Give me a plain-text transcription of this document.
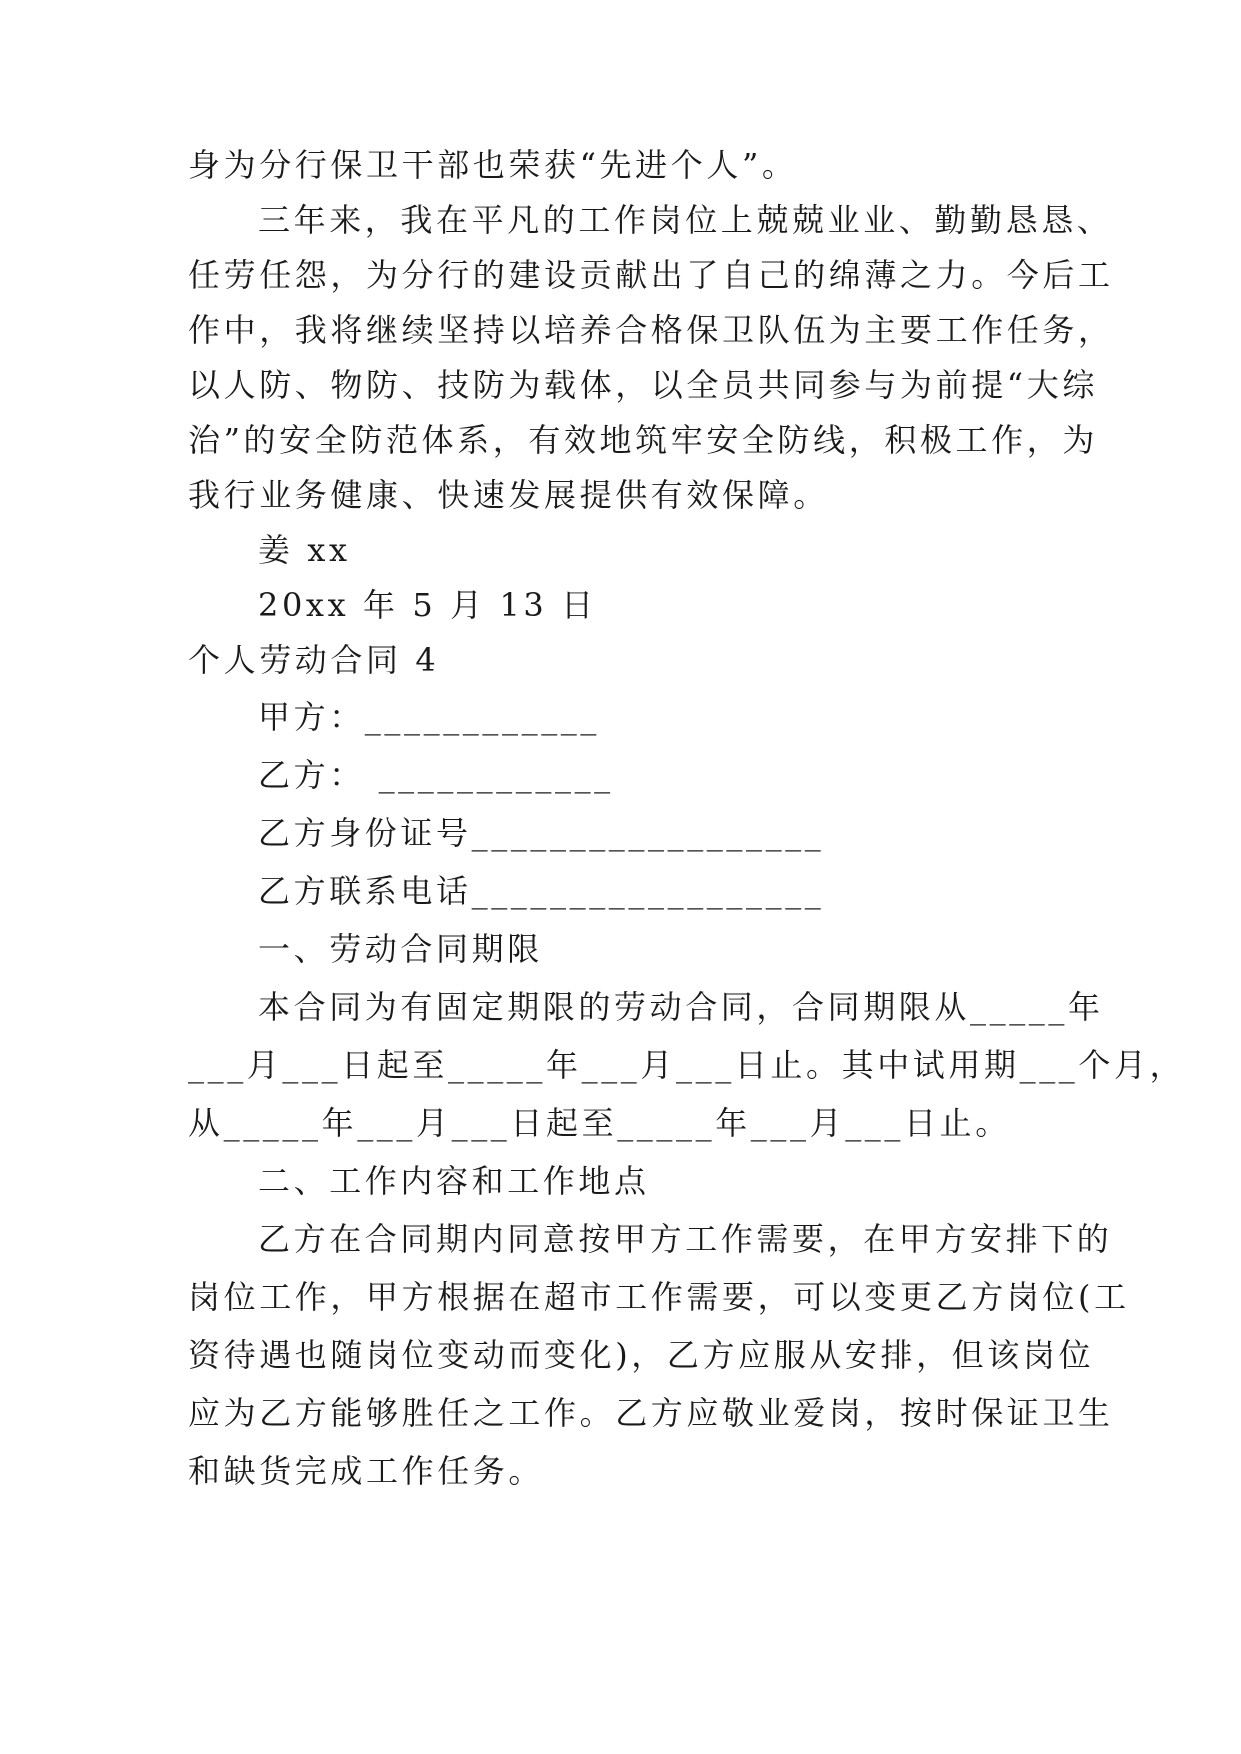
身为分行保卫干部也荣获“先进个人”。
三年来，我在平凡的工作岗位上兢兢业业、勤勤恳恳、
任劳任怨，为分行的建设贡献出了自己的绵薄之力。今后工
作中，我将继续坚持以培养合格保卫队伍为主要工作任务，
以人防、物防、技防为载体，以全员共同参与为前提“大综
治”的安全防范体系，有效地筑牢安全防线，积极工作，为
我行业务健康、快速发展提供有效保障。
姜 xx
20xx 年 5 月 13 日
个人劳动合同 4
甲方：____________
乙方： ____________
乙方身份证号__________________
乙方联系电话__________________
一、劳动合同期限
本合同为有固定期限的劳动合同，合同期限从_____年
___月___日起至_____年___月___日止。其中试用期___个月，
从_____年___月___日起至_____年___月___日止。
二、工作内容和工作地点
乙方在合同期内同意按甲方工作需要，在甲方安排下的
岗位工作，甲方根据在超市工作需要，可以变更乙方岗位(工
资待遇也随岗位变动而变化)，乙方应服从安排，但该岗位
应为乙方能够胜任之工作。乙方应敬业爱岗，按时保证卫生
和缺货完成工作任务。
